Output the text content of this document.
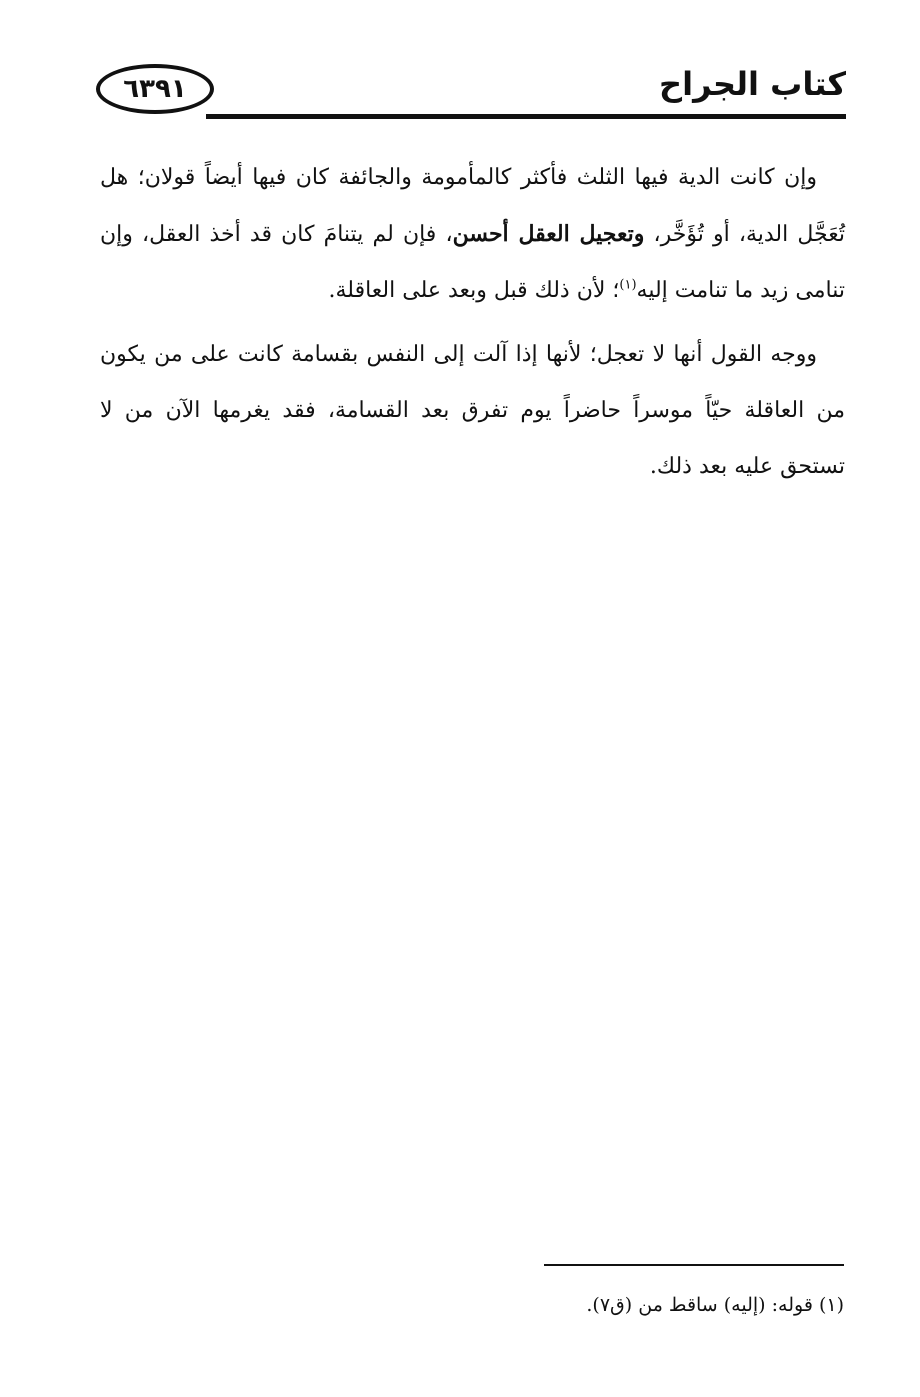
كتاب الجراح
٦٣٩١

وإن كانت الدية فيها الثلث فأكثر كالمأمومة والجائفة كان فيها أيضاً قولان؛ هل تُعَجَّل الدية، أو تُؤَخَّر، وتعجيل العقل أحسن، فإن لم يتنامَ كان قد أخذ العقل، وإن تنامى زيد ما تنامت إليه$^{(١)}$؛ لأن ذلك قبل وبعد على العاقلة.

ووجه القول أنها لا تعجل؛ لأنها إذا آلت إلى النفس بقسامة كانت على من يكون من العاقلة حيّاً موسراً حاضراً يوم تفرق بعد القسامة، فقد يغرمها الآن من لا تستحق عليه بعد ذلك.

(١) قوله: (إليه) ساقط من (ق٧).
